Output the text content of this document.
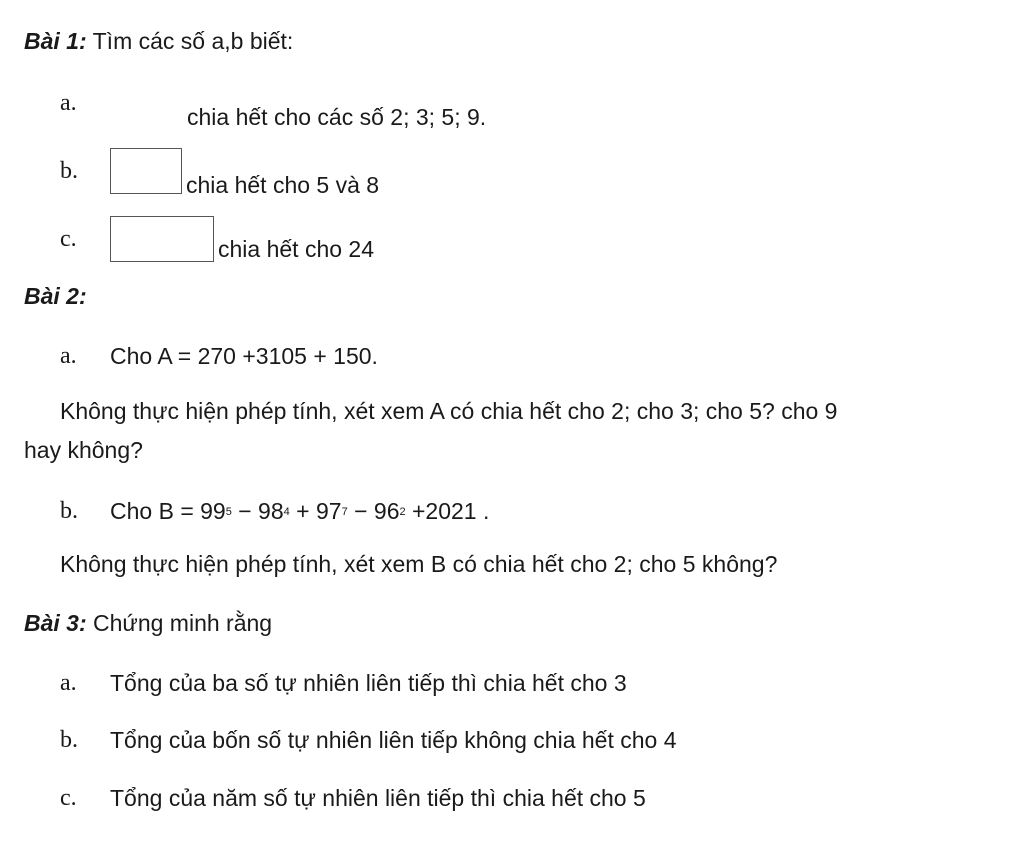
Bài 1: Tìm các số a,b biết:
a.
chia hết cho các số 2; 3; 5; 9.
b.
chia hết cho 5 và 8
c.	chia hết cho 24
Bài 2:
a. Cho A = 270 +3105 + 150.
Không thực hiện phép tính, xét xem A có chia hết cho 2; cho 3; cho 5? cho 9
hay không?
b. Cho $B = 99^5 - 98^4 + 97^7 - 96^2 +2021$ .
Không thực hiện phép tính, xét xem B có chia hết cho 2; cho 5 không?
Bài 3: Chứng minh rằng
a. Tổng của ba số tự nhiên liên tiếp thì chia hết cho 3
b. Tổng của bốn số tự nhiên liên tiếp không chia hết cho 4
c. Tổng của năm số tự nhiên liên tiếp thì chia hết cho 5
